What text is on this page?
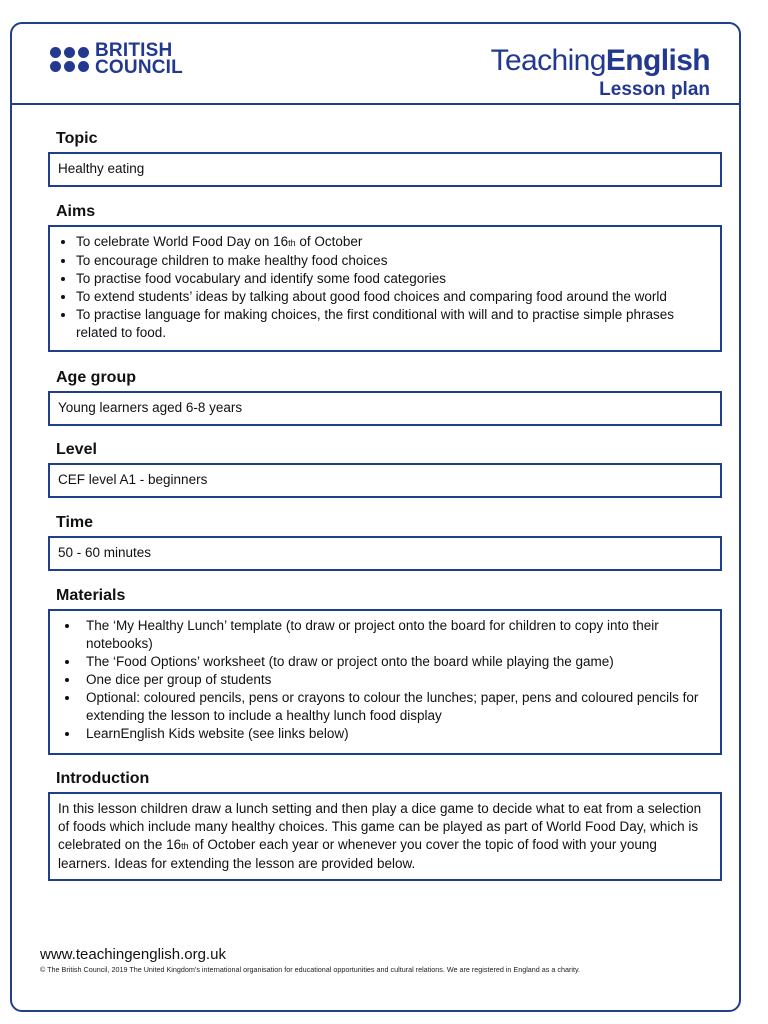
BRITISH
COUNCIL	TeachingEnglish
Lesson plan
Topic
Healthy eating
Aims
• To celebrate World Food Day on 16th of October
• To encourage children to make healthy food choices
• To practise food vocabulary and identify some food categories
• To extend students’ ideas by talking about good food choices and comparing food around the world
• To practise language for making choices, the first conditional with will and to practise simple phrases related to food.
Age group
Young learners aged 6-8 years
Level
CEF level A1 - beginners
Time
50 - 60 minutes
Materials
• The ‘My Healthy Lunch’ template (to draw or project onto the board for children to copy into their notebooks)
• The ‘Food Options’ worksheet (to draw or project onto the board while playing the game)
• One dice per group of students
• Optional: coloured pencils, pens or crayons to colour the lunches; paper, pens and coloured pencils for extending the lesson to include a healthy lunch food display
• LearnEnglish Kids website (see links below)
Introduction
In this lesson children draw a lunch setting and then play a dice game to decide what to eat from a selection of foods which include many healthy choices. This game can be played as part of World Food Day, which is celebrated on the 16th of October each year or whenever you cover the topic of food with your young learners. Ideas for extending the lesson are provided below.
www.teachingenglish.org.uk
© The British Council, 2019 The United Kingdom’s international organisation for educational opportunities and cultural relations. We are registered in England as a charity.
